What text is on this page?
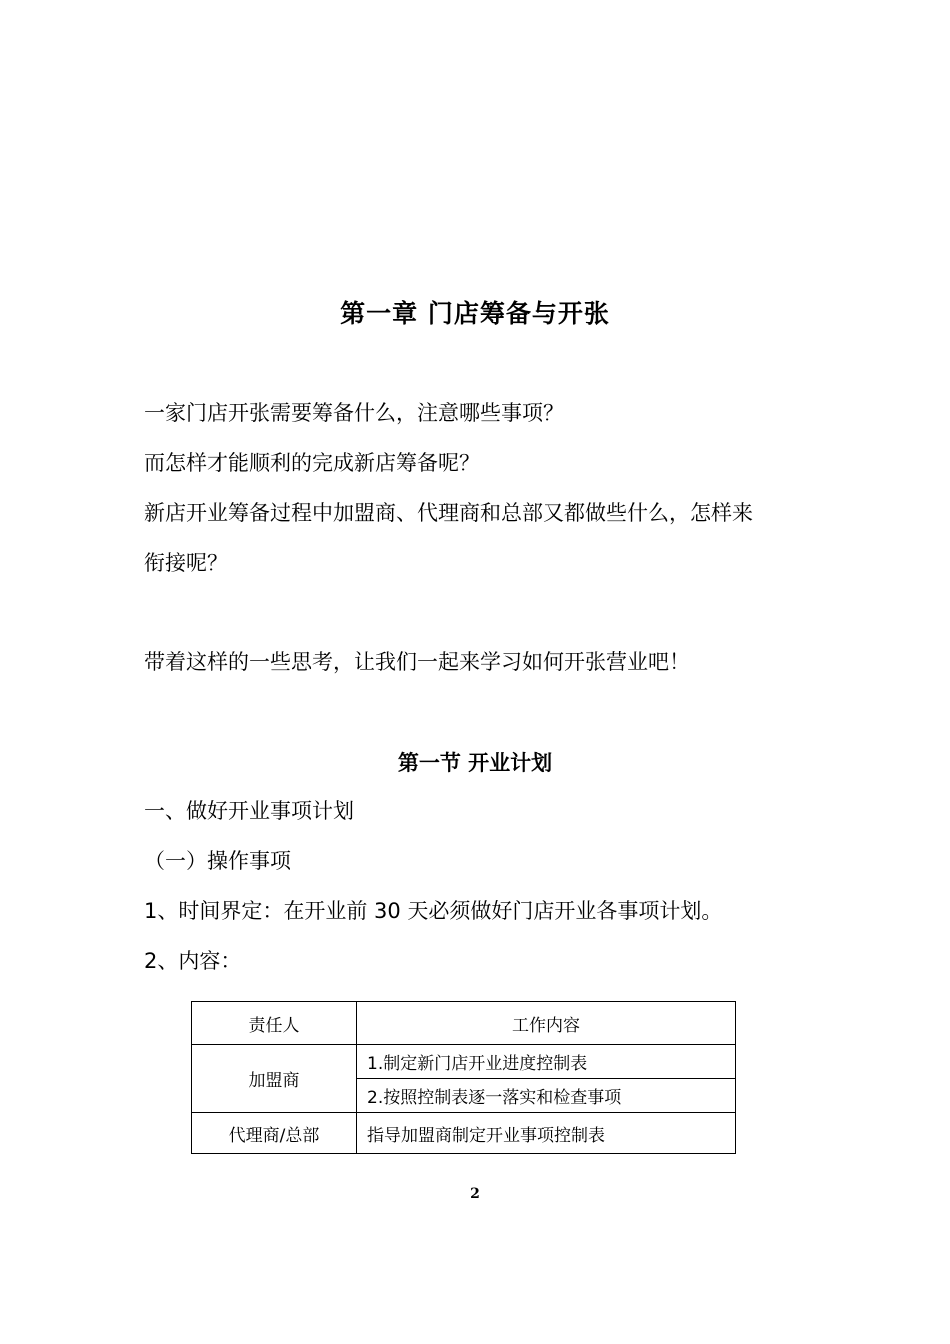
第一章 门店筹备与开张
一家门店开张需要筹备什么，注意哪些事项？
而怎样才能顺利的完成新店筹备呢？
新店开业筹备过程中加盟商、代理商和总部又都做些什么，怎样来
衔接呢？
带着这样的一些思考，让我们一起来学习如何开张营业吧！
第一节 开业计划
一、做好开业事项计划
（一）操作事项
1、时间界定：在开业前 30 天必须做好门店开业各事项计划。
2、内容：
责任人	工作内容
加盟商	1.制定新门店开业进度控制表
	2.按照控制表逐一落实和检查事项
代理商/总部	指导加盟商制定开业事项控制表
2
